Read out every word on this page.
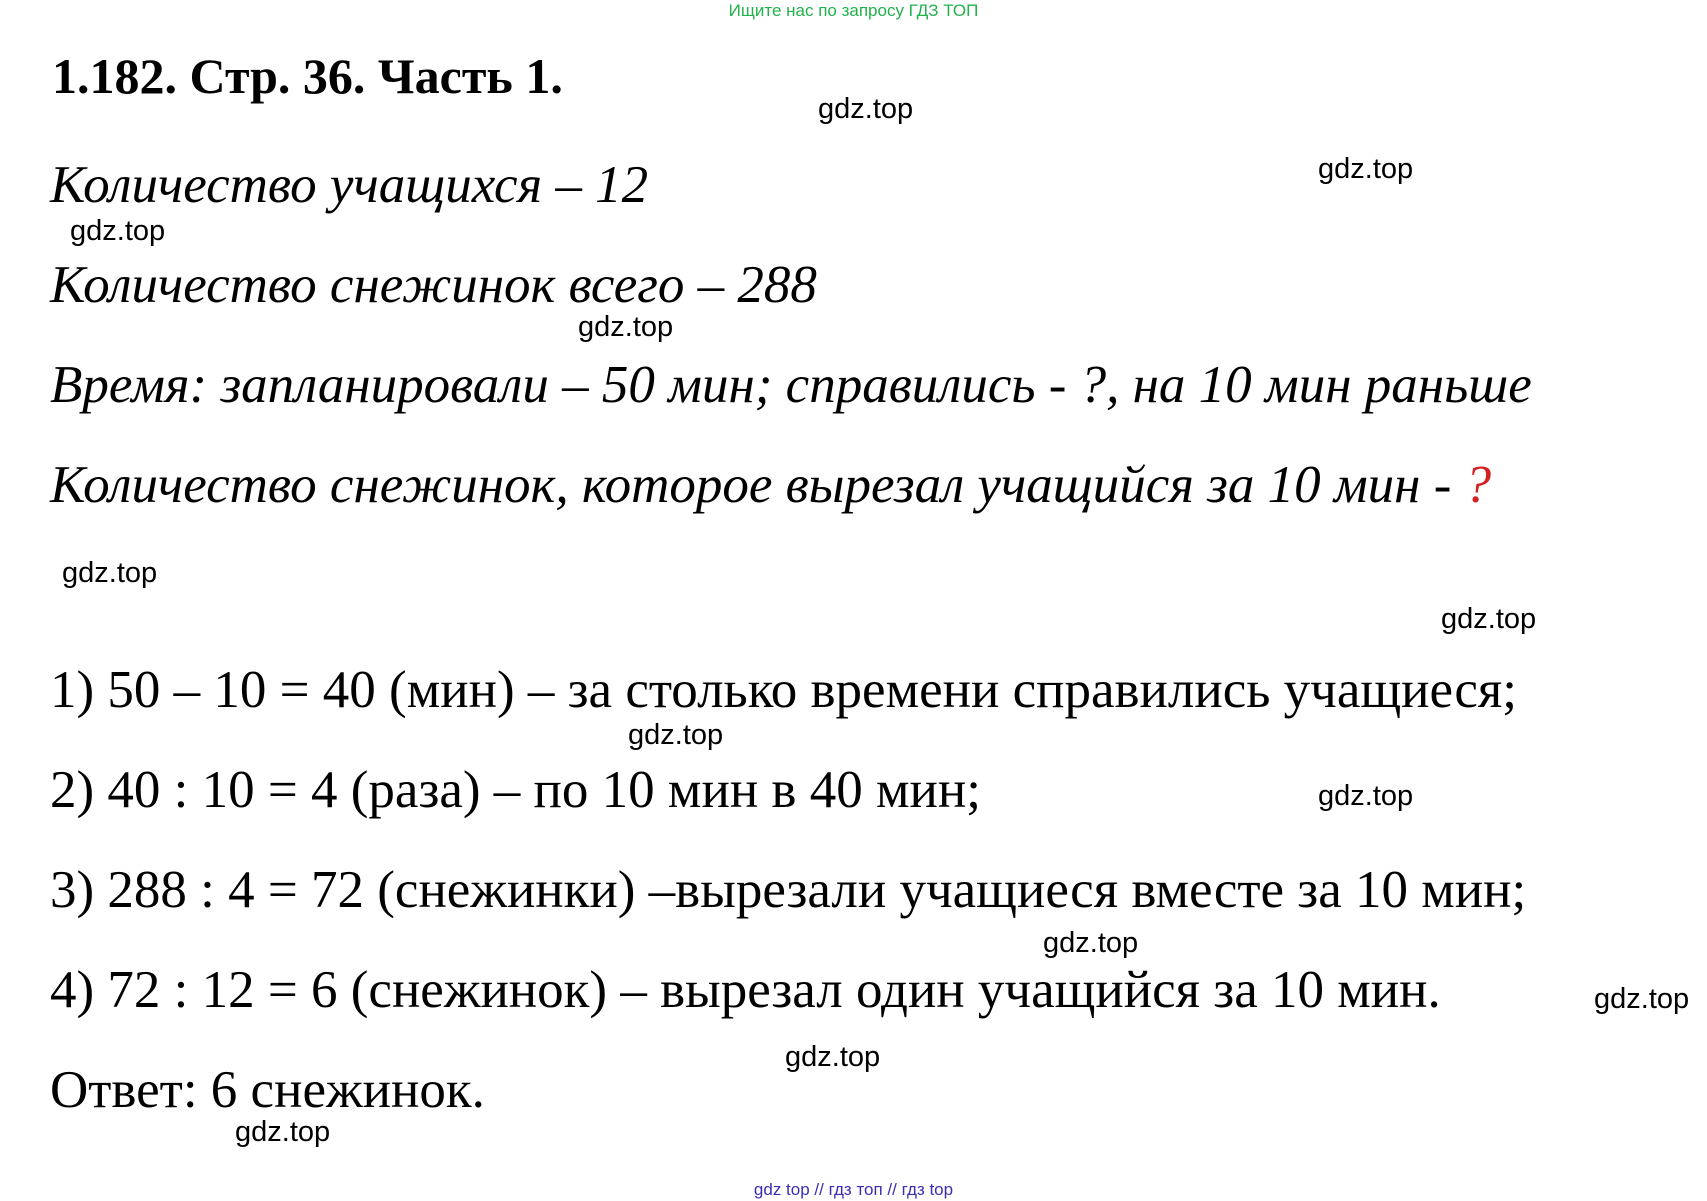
Ищите нас по запросу ГДЗ ТОП
1.182. Стр. 36. Часть 1.
Количество учащихся – 12
Количество снежинок всего – 288
Время: запланировали – 50 мин; справились - ?, на 10 мин раньше
Количество снежинок, которое вырезал учащийся за 10 мин - ?
1) 50 – 10 = 40 (мин) – за столько времени справились учащиеся;
2) 40 : 10 = 4 (раза) – по 10 мин в 40 мин;
3) 288 : 4 = 72 (снежинки) –вырезали учащиеся вместе за 10 мин;
4) 72 : 12 = 6 (снежинок) – вырезал один учащийся за 10 мин.
Ответ: 6 снежинок.
gdz.top
gdz.top
gdz.top
gdz.top
gdz.top
gdz.top
gdz.top
gdz.top
gdz.top
gdz.top
gdz.top
gdz.top
gdz top // гдз топ // гдз top
